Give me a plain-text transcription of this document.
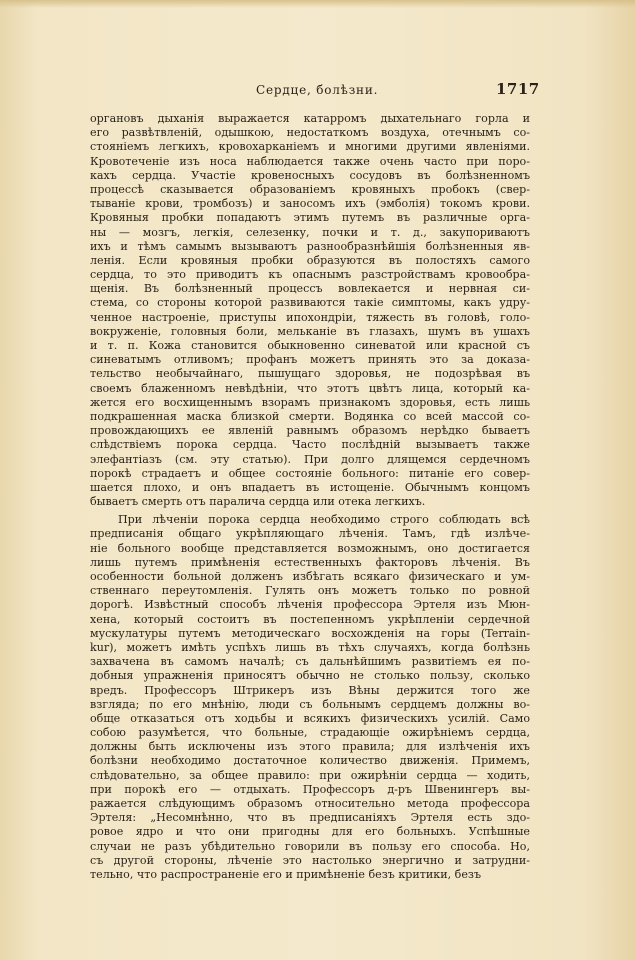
Сердце, болѣзни.	1717
органовъ дыханія выражается катарромъ дыхательнаго горла и
его развѣтвленій, одышкою, недостаткомъ воздуха, отечнымъ со-
стояніемъ легкихъ, кровохарканіемъ и многими другими явленіями.
Кровотеченіе изъ носа наблюдается также очень часто при поро-
кахъ сердца. Участіе кровеносныхъ сосудовъ въ болѣзненномъ
процессѣ сказывается образованіемъ кровяныхъ пробокъ (свер-
тываніе крови, тромбозъ) и заносомъ ихъ (эмболія) токомъ крови.
Кровяныя пробки попадаютъ этимъ путемъ въ различные орга-
ны — мозгъ, легкія, селезенку, почки и т. д., закупориваютъ
ихъ и тѣмъ самымъ вызываютъ разнообразнѣйшія болѣзненныя яв-
ленія. Если кровяныя пробки образуются въ полостяхъ самого
сердца, то это приводитъ къ опаснымъ разстройствамъ кровообра-
щенія. Въ болѣзненный процессъ вовлекается и нервная си-
стема, со стороны которой развиваются такіе симптомы, какъ удру-
ченное настроеніе, приступы ипохондріи, тяжесть въ головѣ, голо-
вокруженіе, головныя боли, мельканіе въ глазахъ, шумъ въ ушахъ
и т. п. Кожа становится обыкновенно синеватой или красной съ
синеватымъ отливомъ; профанъ можетъ принять это за доказа-
тельство необычайнаго, пышущаго здоровья, не подозрѣвая въ
своемъ блаженномъ невѣдѣніи, что этотъ цвѣтъ лица, который ка-
жется его восхищеннымъ взорамъ признакомъ здоровья, есть лишь
подкрашенная маска близкой смерти. Водянка со всей массой со-
провождающихъ ее явленій равнымъ образомъ нерѣдко бываетъ
слѣдствіемъ порока сердца. Часто послѣдній вызываетъ также
элефантіазъ (см. эту статью). При долго длящемся сердечномъ
порокѣ страдаетъ и общее состояніе больного: питаніе его совер-
шается плохо, и онъ впадаетъ въ истощеніе. Обычнымъ концомъ
бываетъ смерть отъ паралича сердца или отека легкихъ.
При лѣченіи порока сердца необходимо строго соблюдать всѣ
предписанія общаго укрѣпляющаго лѣченія. Тамъ, гдѣ излѣче-
ніе больного вообще представляется возможнымъ, оно достигается
лишь путемъ примѣненія естественныхъ факторовъ лѣченія. Въ
особенности больной долженъ избѣгать всякаго физическаго и ум-
ственнаго переутомленія. Гулять онъ можетъ только по ровной
дорогѣ. Извѣстный способъ лѣченія профессора Эртеля изъ Мюн-
хена, который состоитъ въ постепенномъ укрѣпленіи сердечной
мускулатуры путемъ методическаго восхожденія на горы (Terrain-
kur), можетъ имѣть успѣхъ лишь въ тѣхъ случаяхъ, когда болѣзнь
захвачена въ самомъ началѣ; съ дальнѣйшимъ развитіемъ ея по-
добныя упражненія приносятъ обычно не столько пользу, сколько
вредъ. Профессоръ Штрикеръ изъ Вѣны держится того же
взгляда; по его мнѣнію, люди съ больнымъ сердцемъ должны во-
обще отказаться отъ ходьбы и всякихъ физическихъ усилій. Само
собою разумѣется, что больные, страдающіе ожирѣніемъ сердца,
должны быть исключены изъ этого правила; для излѣченія ихъ
болѣзни необходимо достаточное количество движенія. Примемъ,
слѣдовательно, за общее правило: при ожирѣніи сердца — ходить,
при порокѣ его — отдыхать. Профессоръ д-ръ Швенингеръ вы-
ражается слѣдующимъ образомъ относительно метода профессора
Эртеля: „Несомнѣнно, что въ предписаніяхъ Эртеля есть здо-
ровое ядро и что они пригодны для его больныхъ. Успѣшные
случаи не разъ убѣдительно говорили въ пользу его способа. Но,
съ другой стороны, лѣченіе это настолько энергично и затрудни-
тельно, что распространеніе его и примѣненіе безъ критики, безъ
